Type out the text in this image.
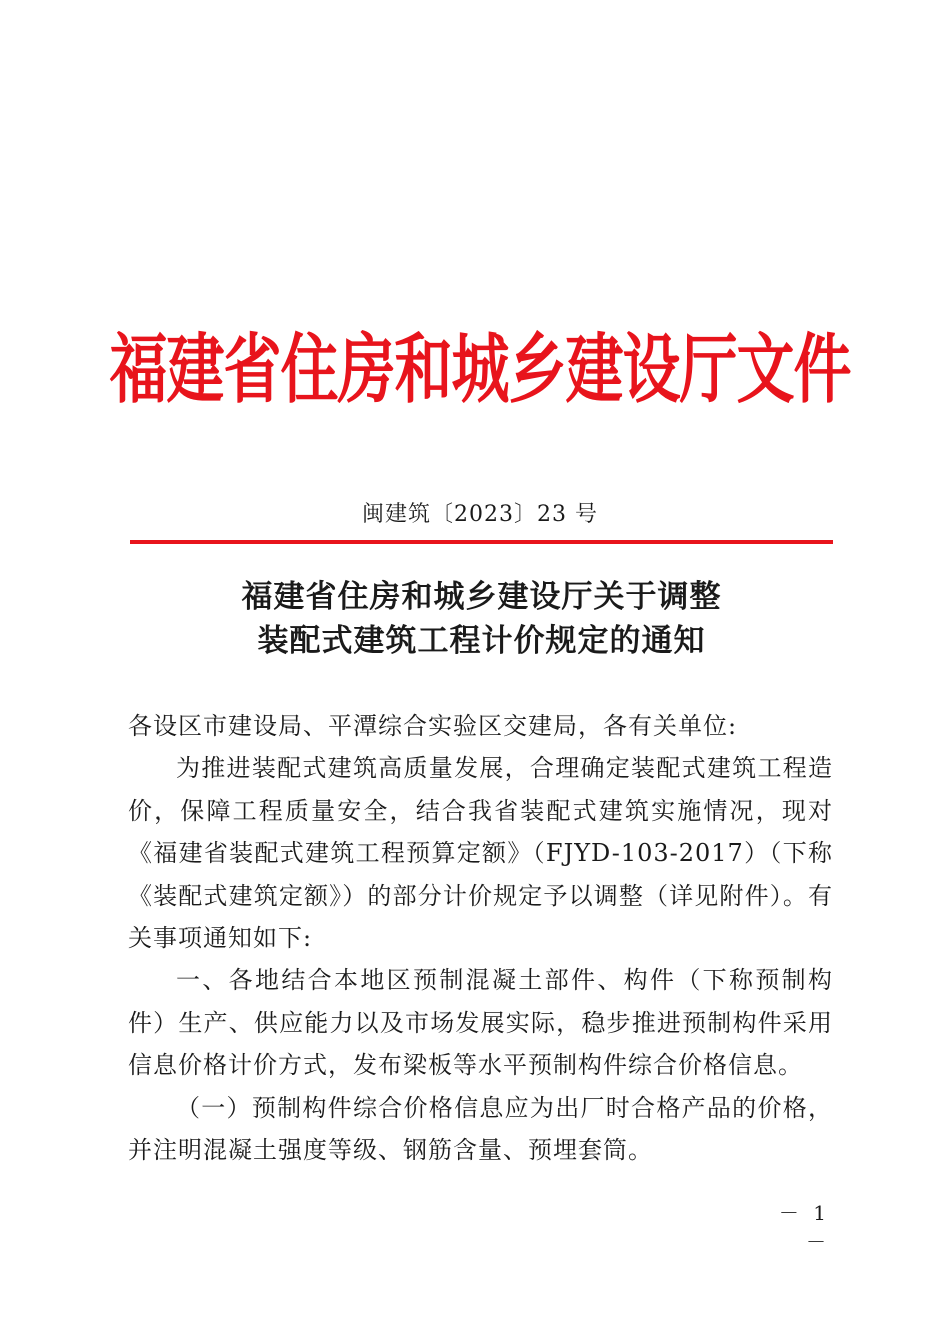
福建省住房和城乡建设厅文件
闽建筑〔2023〕23 号
福建省住房和城乡建设厅关于调整
装配式建筑工程计价规定的通知

各设区市建设局、平潭综合实验区交建局，各有关单位:

为推进装配式建筑高质量发展，合理确定装配式建筑工程造价，保障工程质量安全，结合我省装配式建筑实施情况，现对《福建省装配式建筑工程预算定额》（FJYD-103-2017）（下称《装配式建筑定额》）的部分计价规定予以调整（详见附件）。有关事项通知如下:

一、各地结合本地区预制混凝土部件、构件（下称预制构件）生产、供应能力以及市场发展实际，稳步推进预制构件采用信息价格计价方式，发布梁板等水平预制构件综合价格信息。

（一）预制构件综合价格信息应为出厂时合格产品的价格，并注明混凝土强度等级、钢筋含量、预埋套筒。

－ 1 －
